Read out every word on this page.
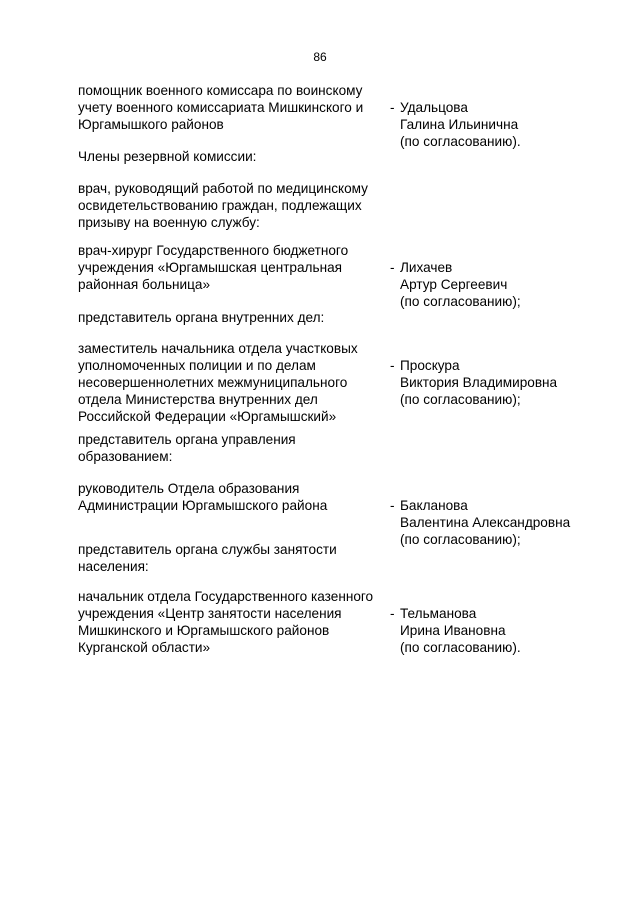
86
помощник военного комиссара по воинскому
учету военного комиссариата Мишкинского и
Юргамышкого районов

- Удальцова

Галина Ильинична
(по согласованию).

Члены резервной комиссии:
врач, руководящий работой по медицинскому
освидетельствованию граждан, подлежащих
призыву на военную службу:
врач-хирург Государственного бюджетного
учреждения «Юргамышская центральная
районная больница»

- Лихачев

Артур Сергеевич
(по согласованию);

представитель органа внутренних дел:
заместитель начальника отдела участковых
уполномоченных полиции и по делам
несовершеннолетних межмуниципального
отдела Министерства внутренних дел
Российской Федерации «Юргамышский»

- Проскура

Виктория Владимировна
(по согласованию);

представитель органа управления
образованием:
руководитель Отдела образования
Администрации Юргамышского района	- Бакланова

Валентина Александровна
(по согласованию);

представитель органа службы занятости
населения:
начальник отдела Государственного казенного
учреждения «Центр занятости населения
Мишкинского и Юргамышского районов
Курганской области»

- Тельманова

Ирина Ивановна
(по согласованию).
